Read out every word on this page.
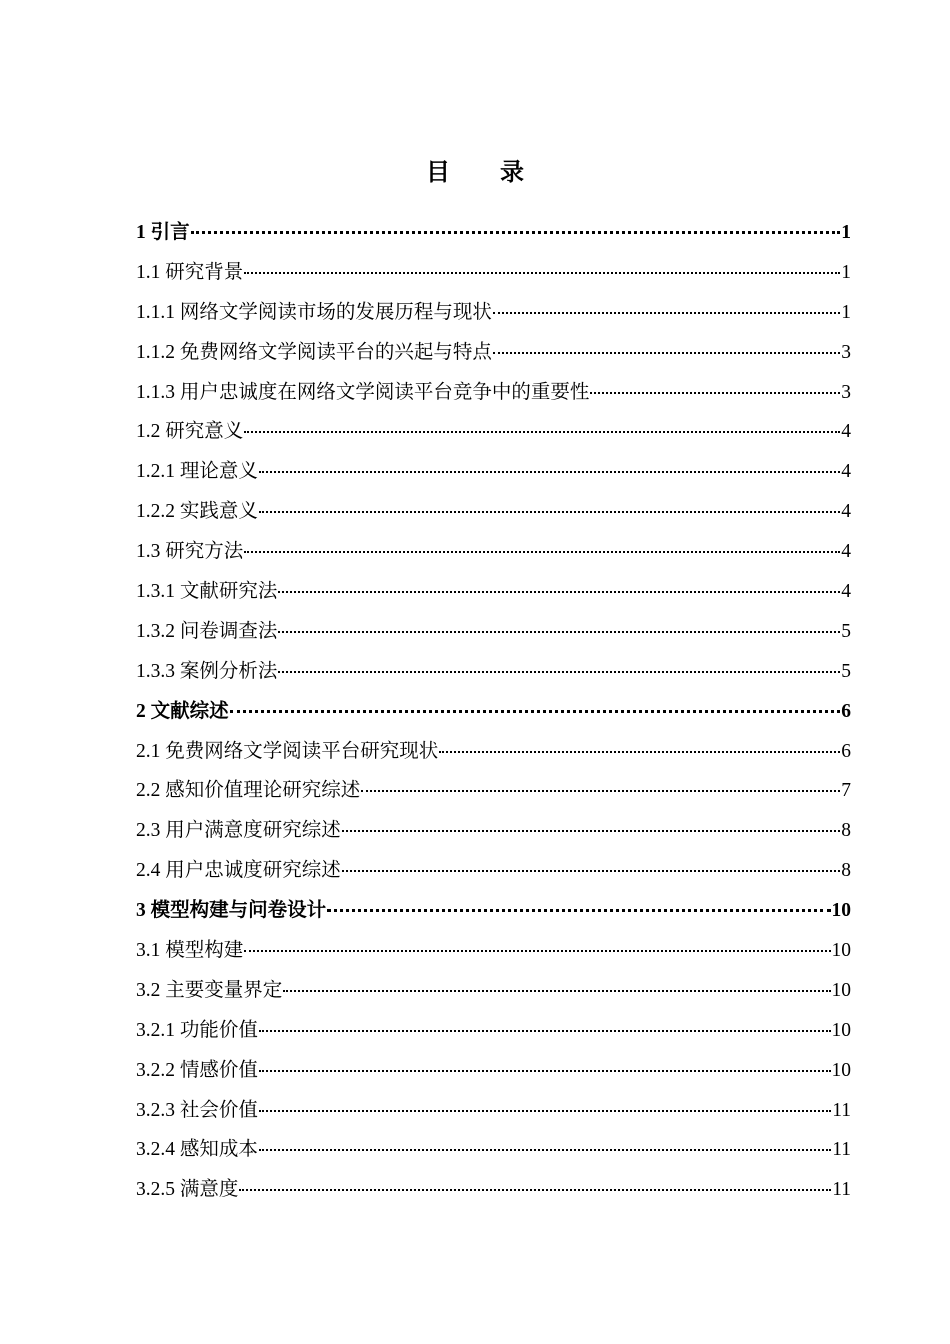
目录
1 引言	1
1.1 研究背景	1
1.1.1 网络文学阅读市场的发展历程与现状	1
1.1.2 免费网络文学阅读平台的兴起与特点	3
1.1.3 用户忠诚度在网络文学阅读平台竞争中的重要性	3
1.2 研究意义	4
1.2.1 理论意义	4
1.2.2 实践意义	4
1.3 研究方法	4
1.3.1 文献研究法	4
1.3.2 问卷调查法	5
1.3.3 案例分析法	5
2 文献综述	6
2.1 免费网络文学阅读平台研究现状	6
2.2 感知价值理论研究综述	7
2.3 用户满意度研究综述	8
2.4 用户忠诚度研究综述	8
3 模型构建与问卷设计	10
3.1 模型构建	10
3.2 主要变量界定	10
3.2.1 功能价值	10
3.2.2 情感价值	10
3.2.3 社会价值	11
3.2.4 感知成本	11
3.2.5 满意度	11
